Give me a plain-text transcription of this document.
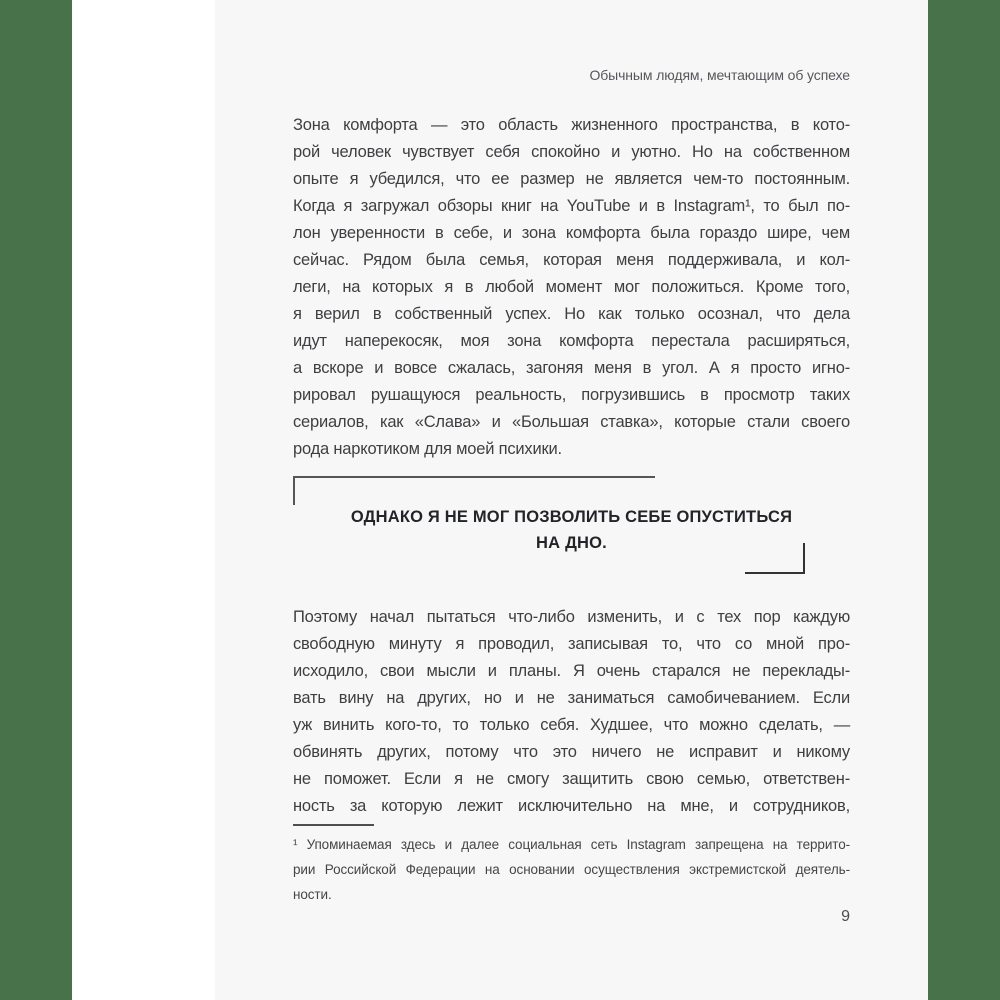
Обычным людям, мечтающим об успехе
Зона комфорта — это область жизненного пространства, в кото-
рой человек чувствует себя спокойно и уютно. Но на собственном
опыте я убедился, что ее размер не является чем-то постоянным.
Когда я загружал обзоры книг на YouTube и в Instagram¹, то был по-
лон уверенности в себе, и зона комфорта была гораздо шире, чем
сейчас. Рядом была семья, которая меня поддерживала, и кол-
леги, на которых я в любой момент мог положиться. Кроме того,
я верил в собственный успех. Но как только осознал, что дела
идут наперекосяк, моя зона комфорта перестала расширяться,
а вскоре и вовсе сжалась, загоняя меня в угол. А я просто игно-
рировал рушащуюся реальность, погрузившись в просмотр таких
сериалов, как «Слава» и «Большая ставка», которые стали своего
рода наркотиком для моей психики.
ОДНАКО Я НЕ МОГ ПОЗВОЛИТЬ СЕБЕ ОПУСТИТЬСЯ
НА ДНО.
Поэтому начал пытаться что-либо изменить, и с тех пор каждую
свободную минуту я проводил, записывая то, что со мной про-
исходило, свои мысли и планы. Я очень старался не переклады-
вать вину на других, но и не заниматься самобичеванием. Если
уж винить кого-то, то только себя. Худшее, что можно сделать, —
обвинять других, потому что это ничего не исправит и никому
не поможет. Если я не смогу защитить свою семью, ответствен-
ность за которую лежит исключительно на мне, и сотрудников,
¹ Упоминаемая здесь и далее социальная сеть Instagram запрещена на террито-
рии Российской Федерации на основании осуществления экстремистской деятель-
ности.
9
